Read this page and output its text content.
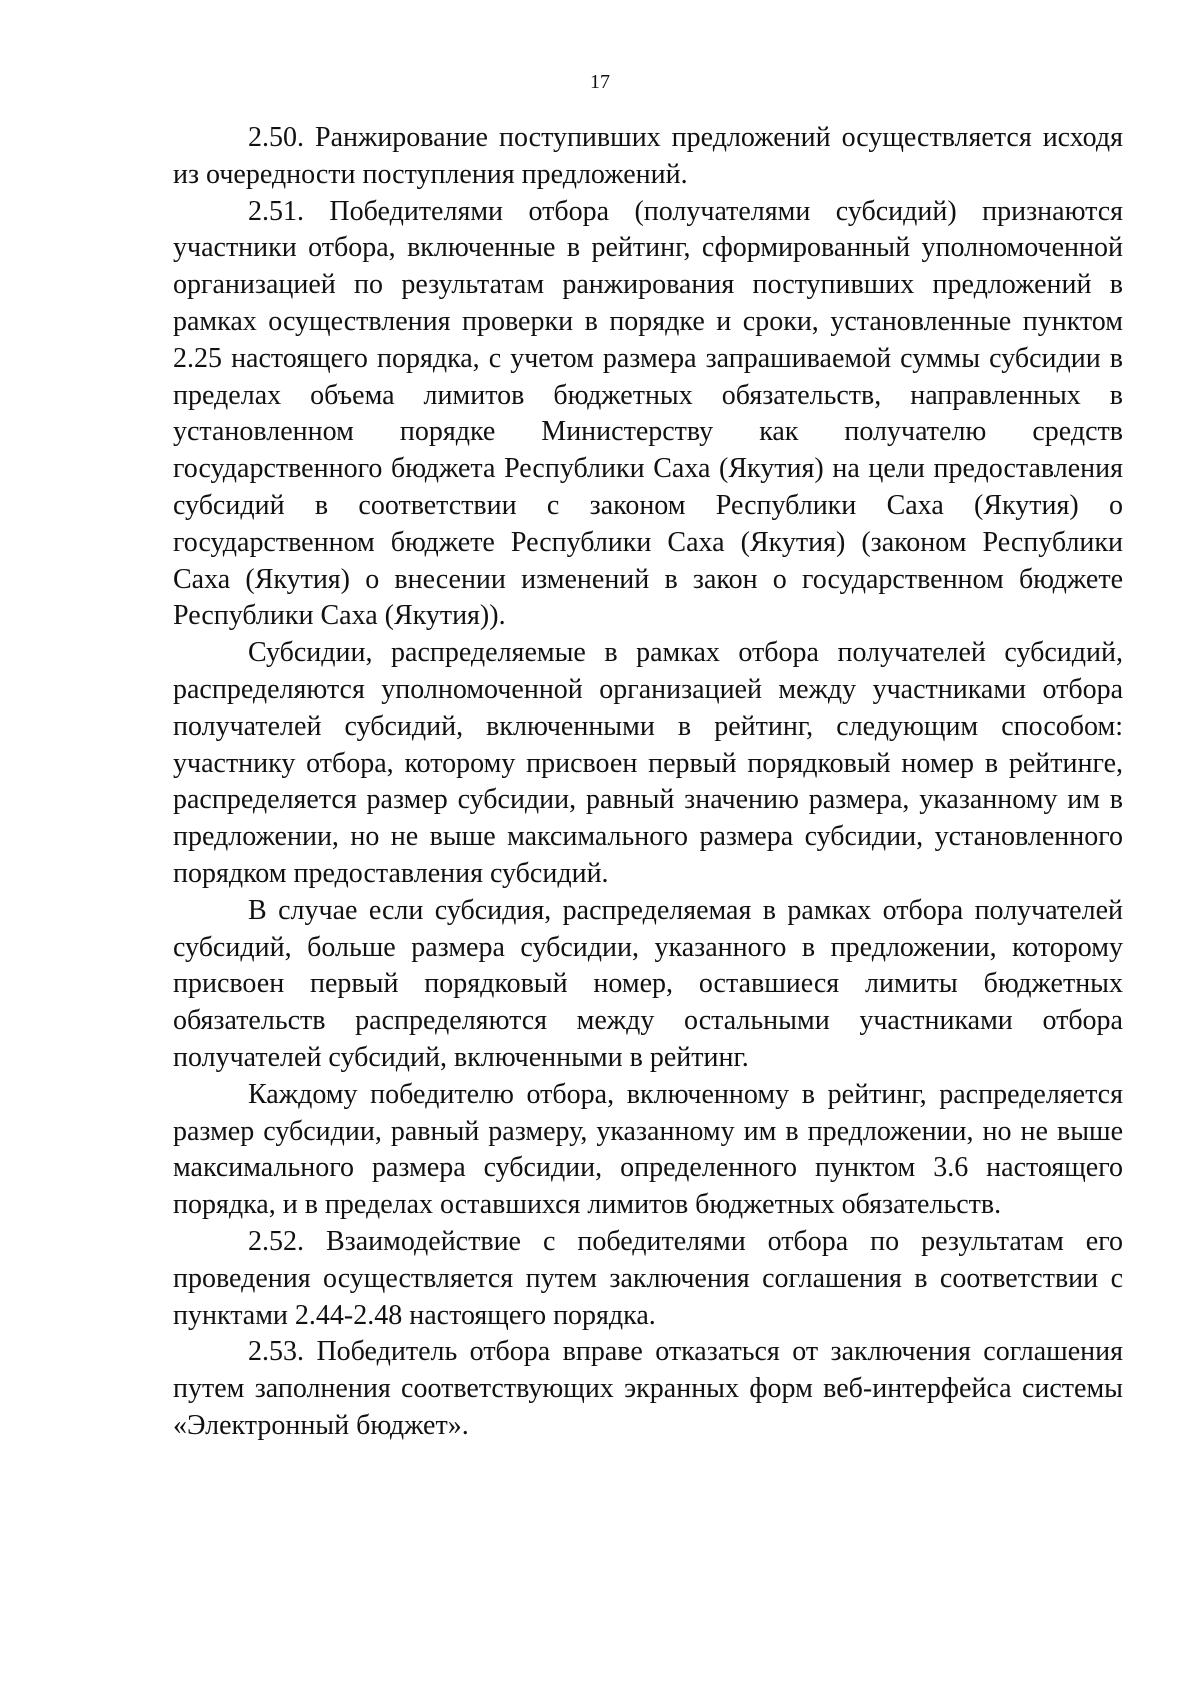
17

2.50. Ранжирование поступивших предложений осуществляется исходя из очередности поступления предложений.

2.51. Победителями отбора (получателями субсидий) признаются участники отбора, включенные в рейтинг, сформированный уполномоченной организацией по результатам ранжирования поступивших предложений в рамках осуществления проверки в порядке и сроки, установленные пунктом 2.25 настоящего порядка, с учетом размера запрашиваемой суммы субсидии в пределах объема лимитов бюджетных обязательств, направленных в установленном порядке Министерству как получателю средств государственного бюджета Республики Саха (Якутия) на цели предоставления субсидий в соответствии с законом Республики Саха (Якутия) о государственном бюджете Республики Саха (Якутия) (законом Республики Саха (Якутия) о внесении изменений в закон о государственном бюджете Республики Саха (Якутия)).

Субсидии, распределяемые в рамках отбора получателей субсидий, распределяются уполномоченной организацией между участниками отбора получателей субсидий, включенными в рейтинг, следующим способом: участнику отбора, которому присвоен первый порядковый номер в рейтинге, распределяется размер субсидии, равный значению размера, указанному им в предложении, но не выше максимального размера субсидии, установленного порядком предоставления субсидий.

В случае если субсидия, распределяемая в рамках отбора получателей субсидий, больше размера субсидии, указанного в предложении, которому присвоен первый порядковый номер, оставшиеся лимиты бюджетных обязательств распределяются между остальными участниками отбора получателей субсидий, включенными в рейтинг.

Каждому победителю отбора, включенному в рейтинг, распределяется размер субсидии, равный размеру, указанному им в предложении, но не выше максимального размера субсидии, определенного пунктом 3.6 настоящего порядка, и в пределах оставшихся лимитов бюджетных обязательств.

2.52. Взаимодействие с победителями отбора по результатам его проведения осуществляется путем заключения соглашения в соответствии с пунктами 2.44-2.48 настоящего порядка.

2.53. Победитель отбора вправе отказаться от заключения соглашения путем заполнения соответствующих экранных форм веб-интерфейса системы «Электронный бюджет».
